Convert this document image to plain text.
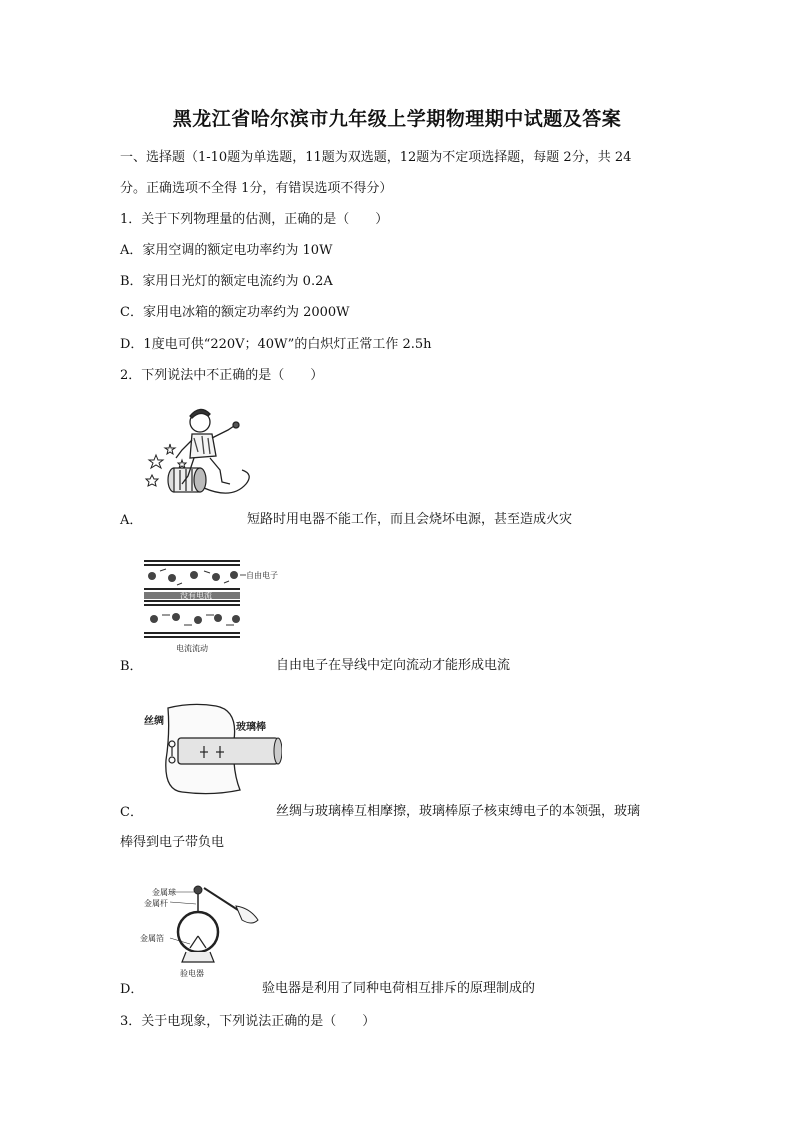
黑龙江省哈尔滨市九年级上学期物理期中试题及答案
一、选择题（1-10题为单选题，11题为双选题，12题为不定项选择题，每题 2分，共 24
分。正确选项不全得 1分，有错误选项不得分）
1．关于下列物理量的估测，正确的是（　　）
A．家用空调的额定电功率约为 10W
B．家用日光灯的额定电流约为 0.2A
C．家用电冰箱的额定功率约为 2000W
D．1度电可供“220V；40W”的白炽灯正常工作 2.5h
2．下列说法中不正确的是（　　）
A．	短路时用电器不能工作，而且会烧坏电源，甚至造成火灾
自由电子
没有电流
电流流动
B．	自由电子在导线中定向流动才能形成电流
丝绸
玻璃棒
C．	丝绸与玻璃棒互相摩擦，玻璃棒原子核束缚电子的本领强，玻璃
棒得到电子带负电
金属球
金属杆
金属箔
验电器
D．	验电器是利用了同种电荷相互排斥的原理制成的
3．关于电现象，下列说法正确的是（　　）
